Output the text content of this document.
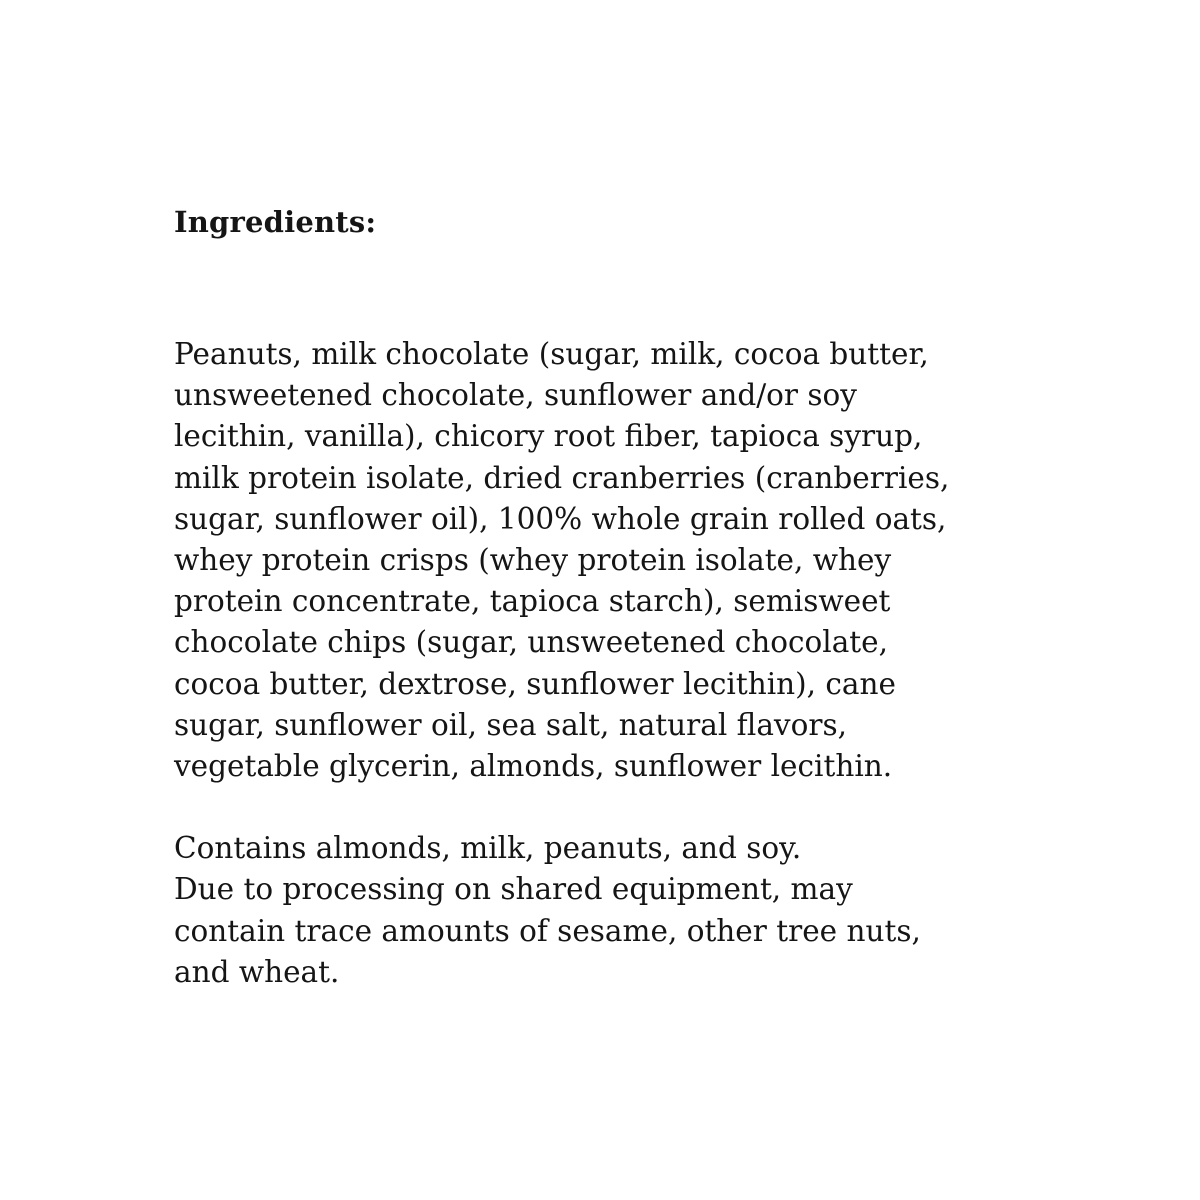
Ingredients:
Peanuts, milk chocolate (sugar, milk, cocoa butter,
unsweetened chocolate, sunflower and/or soy
lecithin, vanilla), chicory root fiber, tapioca syrup,
milk protein isolate, dried cranberries (cranberries,
sugar, sunflower oil), 100% whole grain rolled oats,
whey protein crisps (whey protein isolate, whey
protein concentrate, tapioca starch), semisweet
chocolate chips (sugar, unsweetened chocolate,
cocoa butter, dextrose, sunflower lecithin), cane
sugar, sunflower oil, sea salt, natural flavors,
vegetable glycerin, almonds, sunflower lecithin.
Contains almonds, milk, peanuts, and soy.
Due to processing on shared equipment, may
contain trace amounts of sesame, other tree nuts,
and wheat.
